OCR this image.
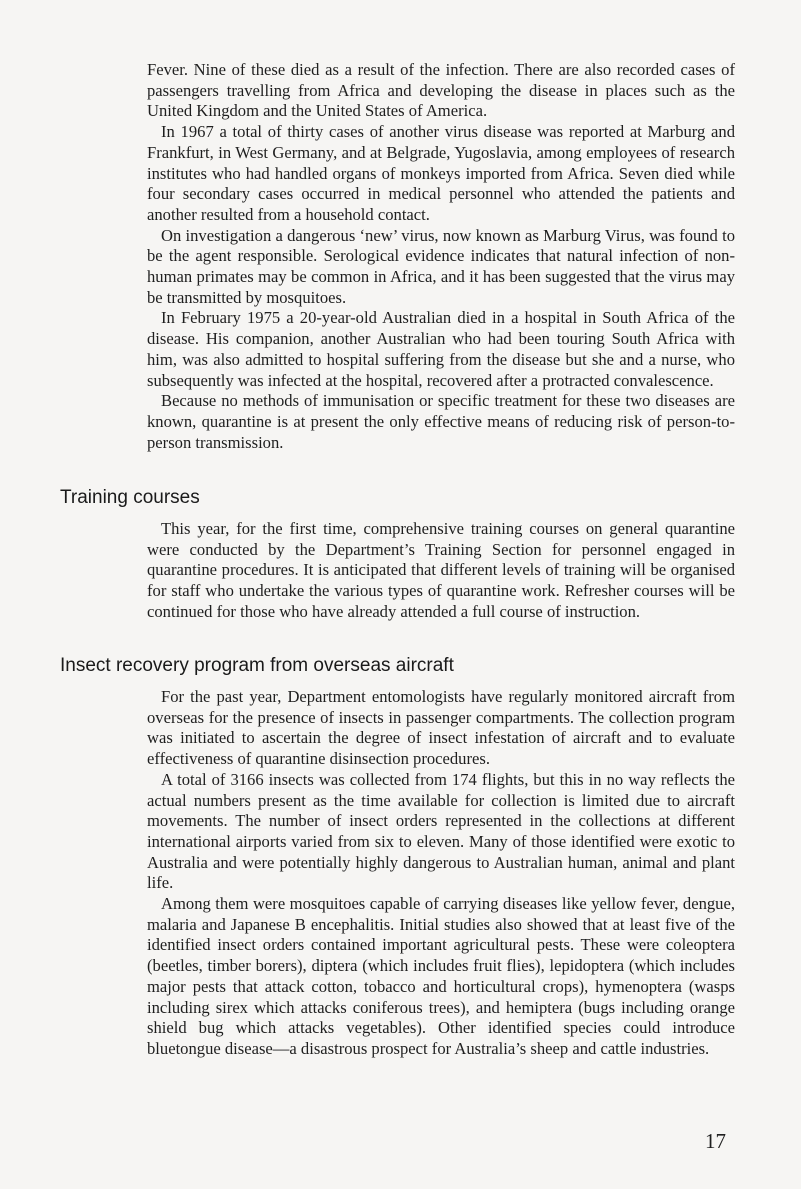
Fever. Nine of these died as a result of the infection. There are also recorded cases of passengers travelling from Africa and developing the disease in places such as the United Kingdom and the United States of America.

In 1967 a total of thirty cases of another virus disease was reported at Marburg and Frankfurt, in West Germany, and at Belgrade, Yugoslavia, among employees of research institutes who had handled organs of monkeys imported from Africa. Seven died while four secondary cases occurred in medical personnel who attended the patients and another resulted from a household contact.

On investigation a dangerous ‘new’ virus, now known as Marburg Virus, was found to be the agent responsible. Serological evidence indicates that natural infection of non-human primates may be common in Africa, and it has been suggested that the virus may be transmitted by mosquitoes.

In February 1975 a 20-year-old Australian died in a hospital in South Africa of the disease. His companion, another Australian who had been touring South Africa with him, was also admitted to hospital suffering from the disease but she and a nurse, who subsequently was infected at the hospital, recovered after a protracted convalescence.

Because no methods of immunisation or specific treatment for these two diseases are known, quarantine is at present the only effective means of reducing risk of person-to-person transmission.

Training courses

This year, for the first time, comprehensive training courses on general quarantine were conducted by the Department’s Training Section for personnel engaged in quarantine procedures. It is anticipated that different levels of training will be organised for staff who undertake the various types of quarantine work. Refresher courses will be continued for those who have already attended a full course of instruction.

Insect recovery program from overseas aircraft

For the past year, Department entomologists have regularly monitored aircraft from overseas for the presence of insects in passenger compartments. The collection program was initiated to ascertain the degree of insect infestation of aircraft and to evaluate effectiveness of quarantine disinsection procedures.

A total of 3166 insects was collected from 174 flights, but this in no way reflects the actual numbers present as the time available for collection is limited due to aircraft movements. The number of insect orders represented in the collections at different international airports varied from six to eleven. Many of those identified were exotic to Australia and were potentially highly dangerous to Australian human, animal and plant life.

Among them were mosquitoes capable of carrying diseases like yellow fever, dengue, malaria and Japanese B encephalitis. Initial studies also showed that at least five of the identified insect orders contained important agricultural pests. These were coleoptera (beetles, timber borers), diptera (which includes fruit flies), lepidoptera (which includes major pests that attack cotton, tobacco and horticultural crops), hymenoptera (wasps including sirex which attacks coniferous trees), and hemiptera (bugs including orange shield bug which attacks vegetables). Other identified species could introduce bluetongue disease—a disastrous prospect for Australia’s sheep and cattle industries.

17
